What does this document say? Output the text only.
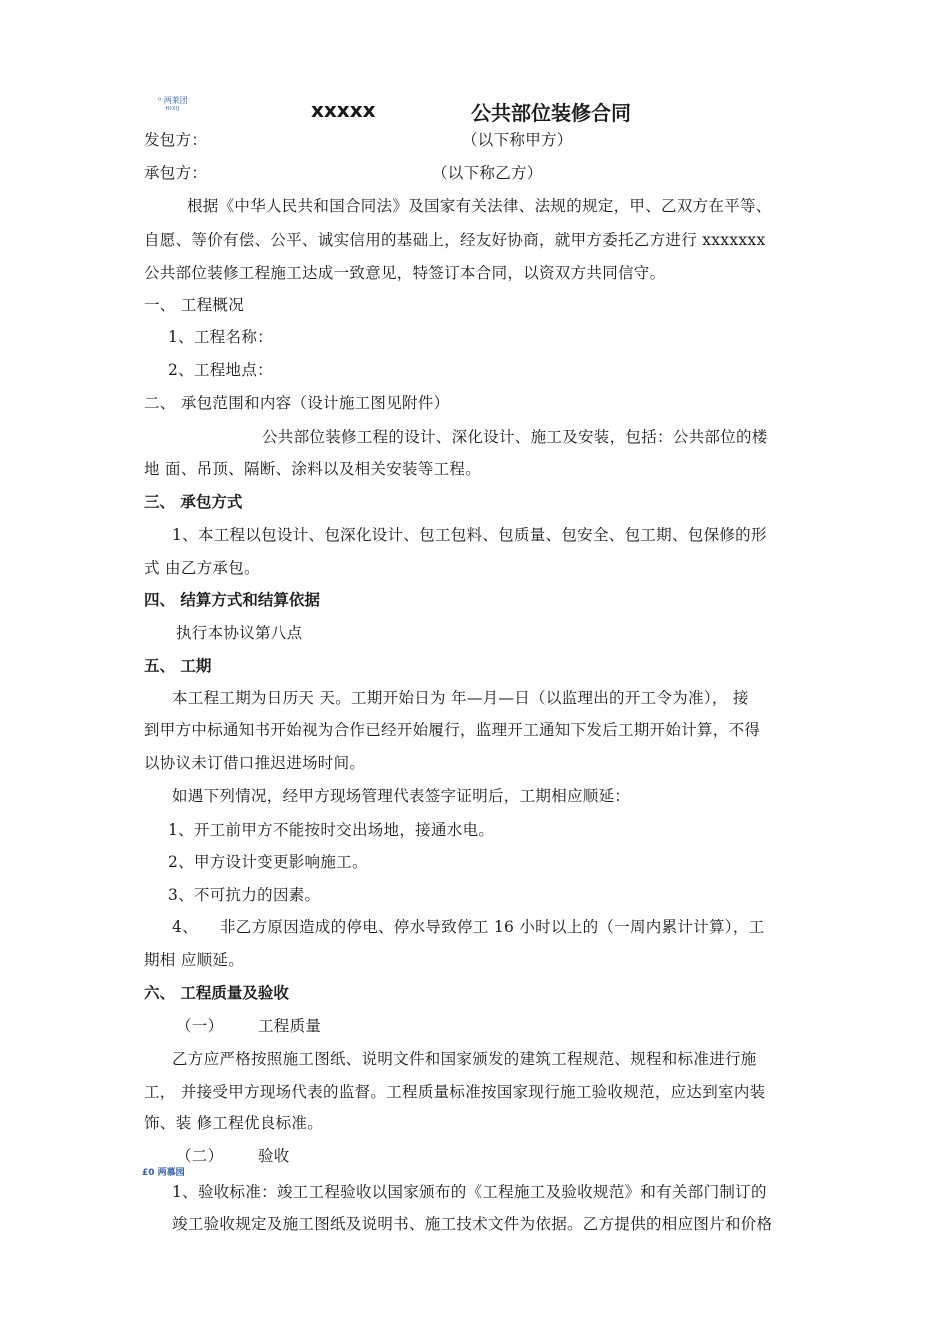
⁰ 两莱团
HIXIJ	xxxxx	公共部位装修合同
发包方：	（以下称甲方）
承包方：	（以下称乙方）
根据《中华人民共和国合同法》及国家有关法律、法规的规定，甲、乙双方在平等、
自愿、等价有偿、公平、诚实信用的基础上，经友好协商，就甲方委托乙方进行 xxxxxxx
公共部位装修工程施工达成一致意见，特签订本合同，以资双方共同信守。
一、 工程概况
1、工程名称：
2、工程地点：
二、 承包范围和内容（设计施工图见附件）
公共部位装修工程的设计、深化设计、施工及安装，包括：公共部位的楼
地 面、吊顶、隔断、涂料以及相关安装等工程。
三、 承包方式
1、本工程以包设计、包深化设计、包工包料、包质量、包安全、包工期、包保修的形
式 由乙方承包。
四、 结算方式和结算依据
执行本协议第八点
五、 工期
本工程工期为日历天 天。工期开始日为 年—月—日（以监理出的开工令为准）， 接
到甲方中标通知书开始视为合作已经开始履行，监理开工通知下发后工期开始计算，不得
以协议未订借口推迟进场时间。
如遇下列情况，经甲方现场管理代表签字证明后，工期相应顺延：
1、开工前甲方不能按时交出场地，接通水电。
2、甲方设计变更影响施工。
3、不可抗力的因素。
4、 非乙方原因造成的停电、停水导致停工 16 小时以上的（一周内累计计算），工
期相 应顺延。
六、 工程质量及验收
（一） 工程质量
乙方应严格按照施工图纸、说明文件和国家颁发的建筑工程规范、规程和标准进行施
工， 并接受甲方现场代表的监督。工程质量标准按国家现行施工验收规范，应达到室内装
饰、装 修工程优良标准。
（二） 验收
£0 两慕园
1、验收标准：竣工工程验收以国家颁布的《工程施工及验收规范》和有关部门制订的
竣工验收规定及施工图纸及说明书、施工技术文件为依据。乙方提供的相应图片和价格
